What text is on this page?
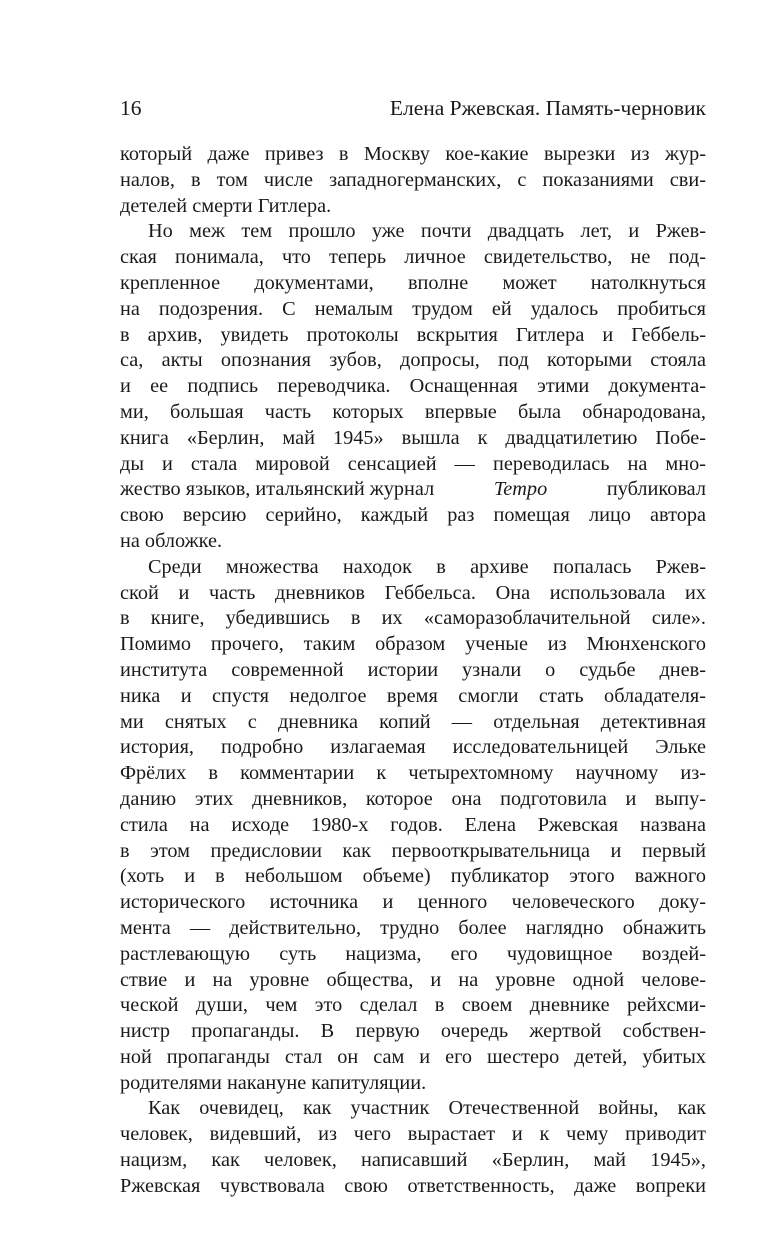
16	Елена Ржевская. Память-черновик
который даже привез в Москву кое-какие вырезки из жур-
налов, в том числе западногерманских, с показаниями сви-
детелей смерти Гитлера.
Но меж тем прошло уже почти двадцать лет, и Ржев-
ская понимала, что теперь личное свидетельство, не под-
крепленное документами, вполне может натолкнуться
на подозрения. С немалым трудом ей удалось пробиться
в архив, увидеть протоколы вскрытия Гитлера и Геббель-
са, акты опознания зубов, допросы, под которыми стояла
и ее подпись переводчика. Оснащенная этими документа-
ми, большая часть которых впервые была обнародована,
книга «Берлин, май 1945» вышла к двадцатилетию Побе-
ды и стала мировой сенсацией — переводилась на мно-
жество языков, итальянский журнал	Tempo	публиковал
свою версию серийно, каждый раз помещая лицо автора
на обложке.
Среди множества находок в архиве попалась Ржев-
ской и часть дневников Геббельса. Она использовала их
в книге, убедившись в их «саморазоблачительной силе».
Помимо прочего, таким образом ученые из Мюнхенского
института современной истории узнали о судьбе днев-
ника и спустя недолгое время смогли стать обладателя-
ми снятых с дневника копий — отдельная детективная
история, подробно излагаемая исследовательницей Эльке
Фрёлих в комментарии к четырехтомному научному из-
данию этих дневников, которое она подготовила и выпу-
стила на исходе 1980-х годов. Елена Ржевская названа
в этом предисловии как первооткрывательница и первый
(хоть и в небольшом объеме) публикатор этого важного
исторического источника и ценного человеческого доку-
мента — действительно, трудно более наглядно обнажить
растлевающую суть нацизма, его чудовищное воздей-
ствие и на уровне общества, и на уровне одной челове-
ческой души, чем это сделал в своем дневнике рейхсми-
нистр пропаганды. В первую очередь жертвой собствен-
ной пропаганды стал он сам и его шестеро детей, убитых
родителями накануне капитуляции.
Как очевидец, как участник Отечественной войны, как
человек, видевший, из чего вырастает и к чему приводит
нацизм, как человек, написавший «Берлин, май 1945»,
Ржевская чувствовала свою ответственность, даже вопреки
